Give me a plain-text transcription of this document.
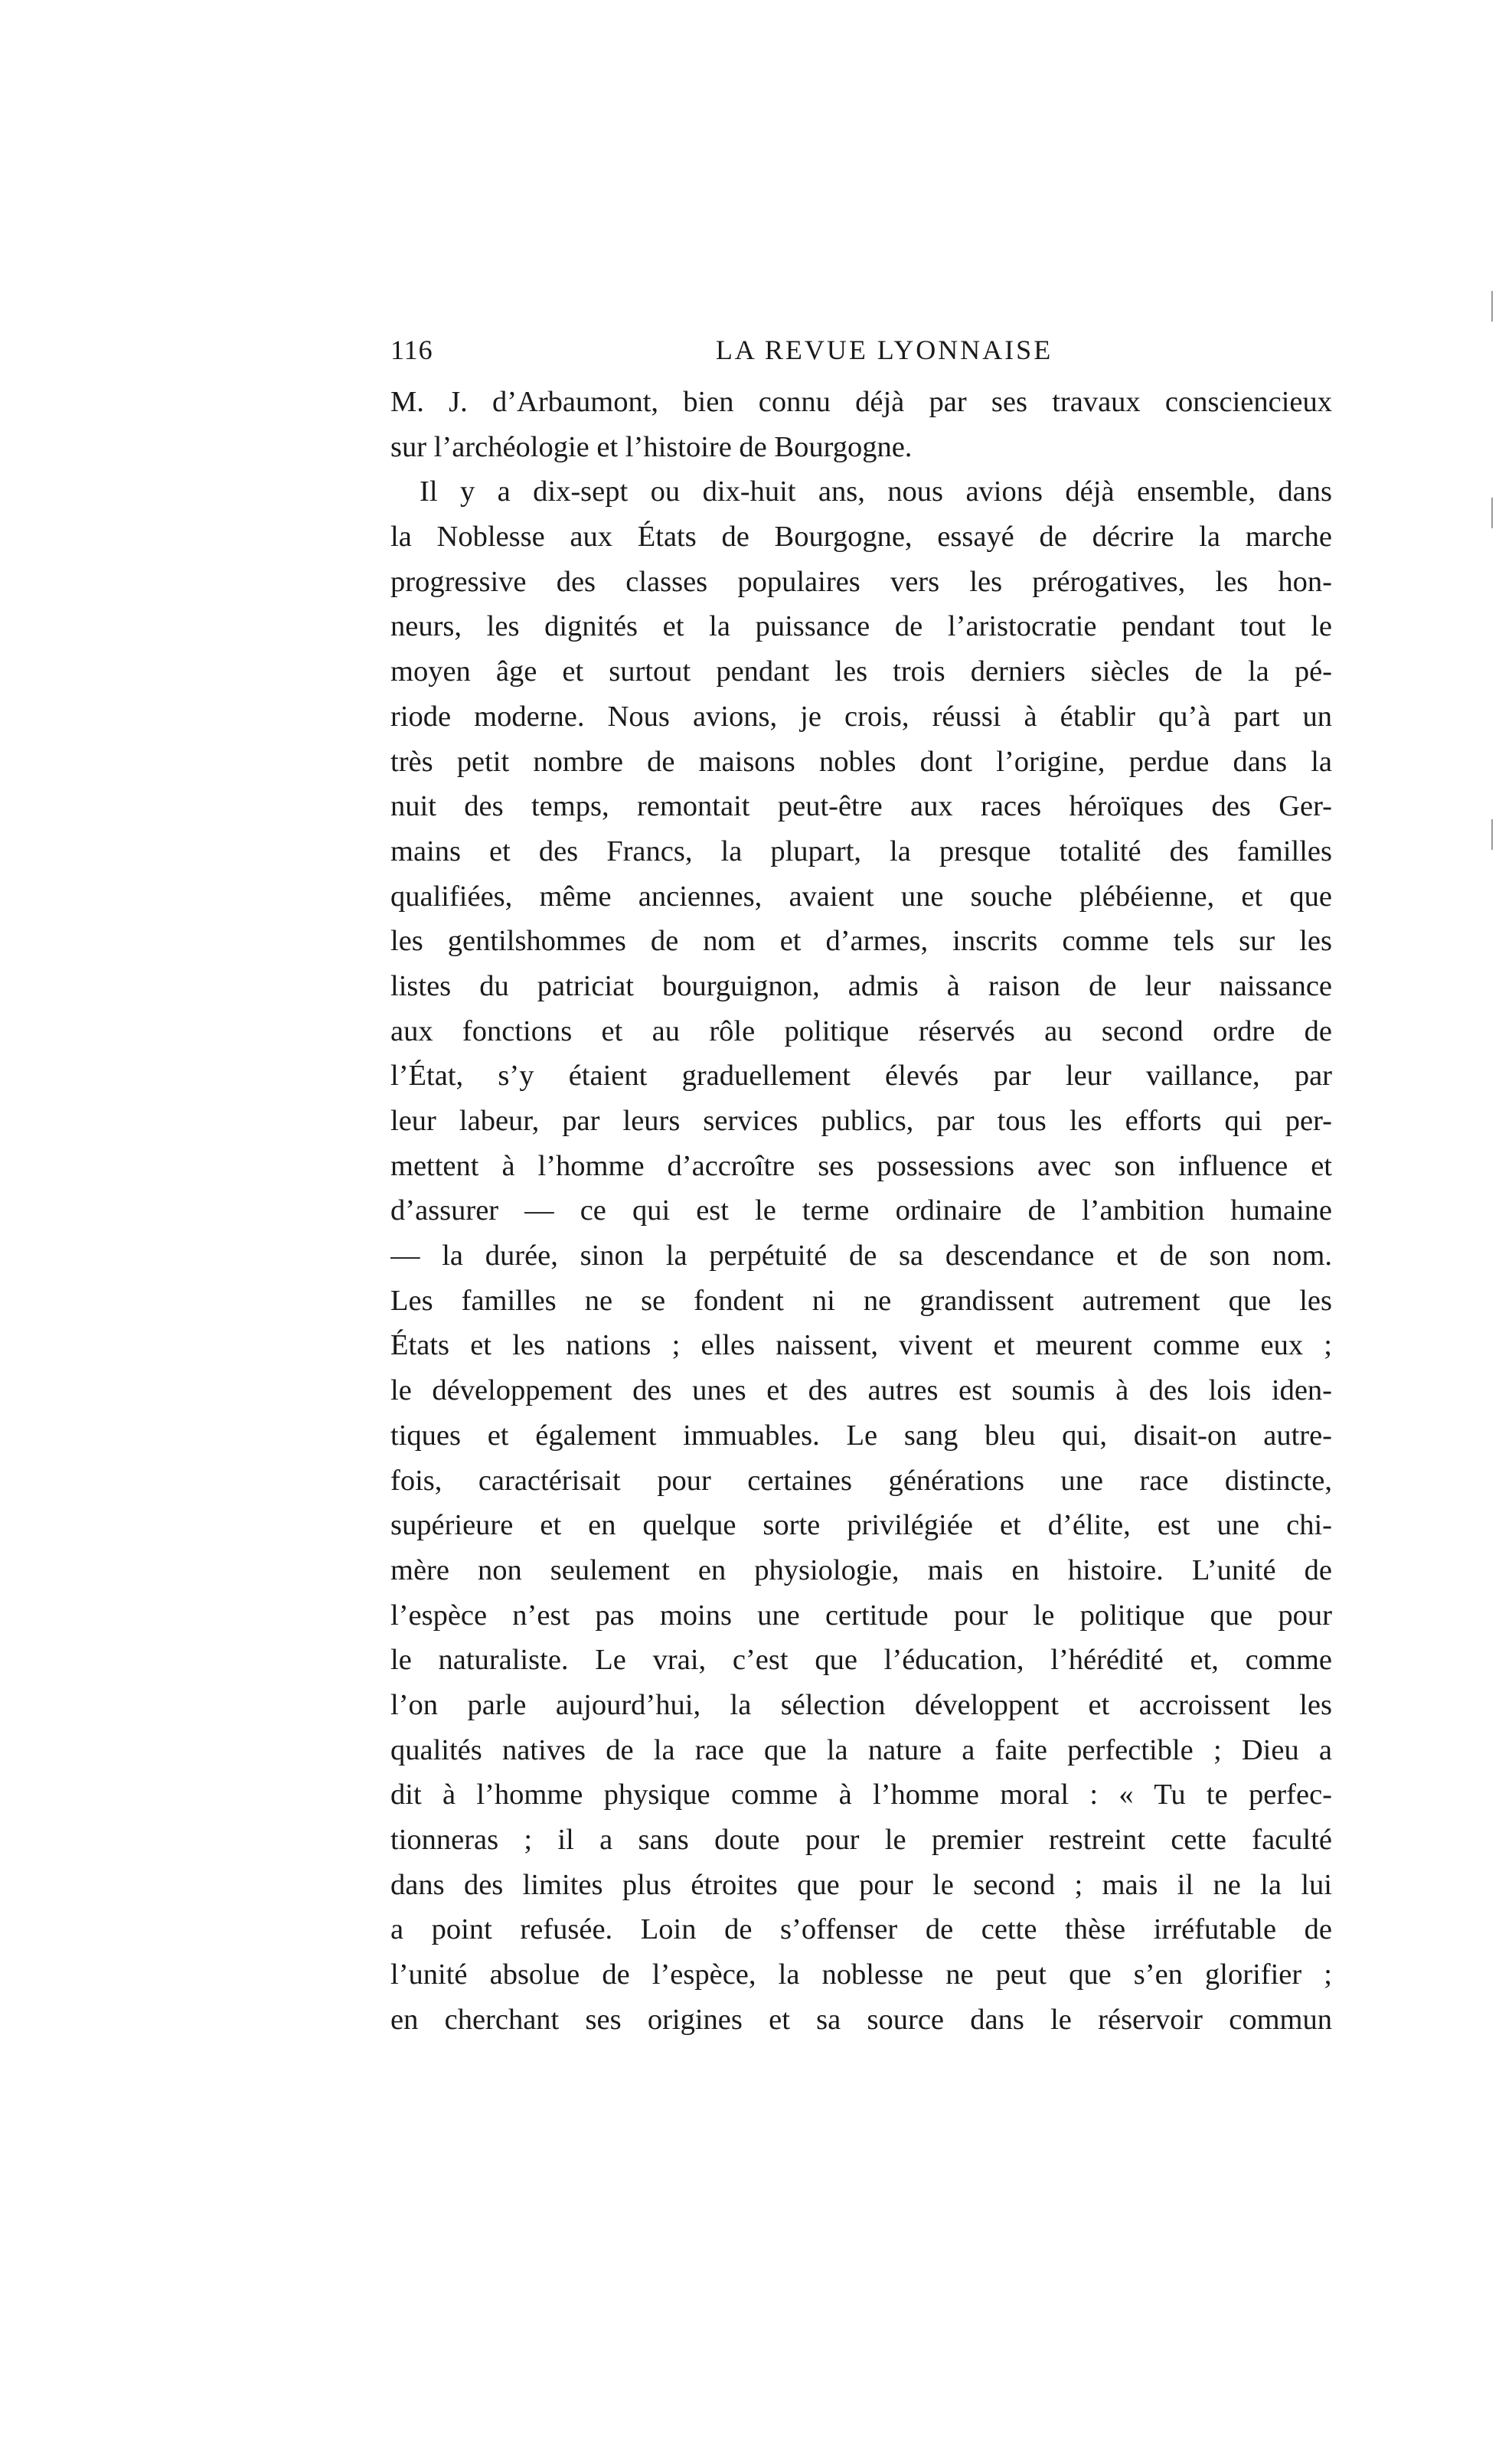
116	LA REVUE LYONNAISE
M. J. d’Arbaumont, bien connu déjà par ses travaux consciencieux
sur l’archéologie et l’histoire de Bourgogne.
Il y a dix-sept ou dix-huit ans, nous avions déjà ensemble, dans
la Noblesse aux États de Bourgogne, essayé de décrire la marche
progressive des classes populaires vers les prérogatives, les hon-
neurs, les dignités et la puissance de l’aristocratie pendant tout le
moyen âge et surtout pendant les trois derniers siècles de la pé-
riode moderne. Nous avions, je crois, réussi à établir qu’à part un
très petit nombre de maisons nobles dont l’origine, perdue dans la
nuit des temps, remontait peut-être aux races héroïques des Ger-
mains et des Francs, la plupart, la presque totalité des familles
qualifiées, même anciennes, avaient une souche plébéienne, et que
les gentilshommes de nom et d’armes, inscrits comme tels sur les
listes du patriciat bourguignon, admis à raison de leur naissance
aux fonctions et au rôle politique réservés au second ordre de
l’État, s’y étaient graduellement élevés par leur vaillance, par
leur labeur, par leurs services publics, par tous les efforts qui per-
mettent à l’homme d’accroître ses possessions avec son influence et
d’assurer — ce qui est le terme ordinaire de l’ambition humaine
— la durée, sinon la perpétuité de sa descendance et de son nom.
Les familles ne se fondent ni ne grandissent autrement que les
États et les nations ; elles naissent, vivent et meurent comme eux ;
le développement des unes et des autres est soumis à des lois iden-
tiques et également immuables. Le sang bleu qui, disait-on autre-
fois, caractérisait pour certaines générations une race distincte,
supérieure et en quelque sorte privilégiée et d’élite, est une chi-
mère non seulement en physiologie, mais en histoire. L’unité de
l’espèce n’est pas moins une certitude pour le politique que pour
le naturaliste. Le vrai, c’est que l’éducation, l’hérédité et, comme
l’on parle aujourd’hui, la sélection développent et accroissent les
qualités natives de la race que la nature a faite perfectible ; Dieu a
dit à l’homme physique comme à l’homme moral : « Tu te perfec-
tionneras ; il a sans doute pour le premier restreint cette faculté
dans des limites plus étroites que pour le second ; mais il ne la lui
a point refusée. Loin de s’offenser de cette thèse irréfutable de
l’unité absolue de l’espèce, la noblesse ne peut que s’en glorifier ;
en cherchant ses origines et sa source dans le réservoir commun
